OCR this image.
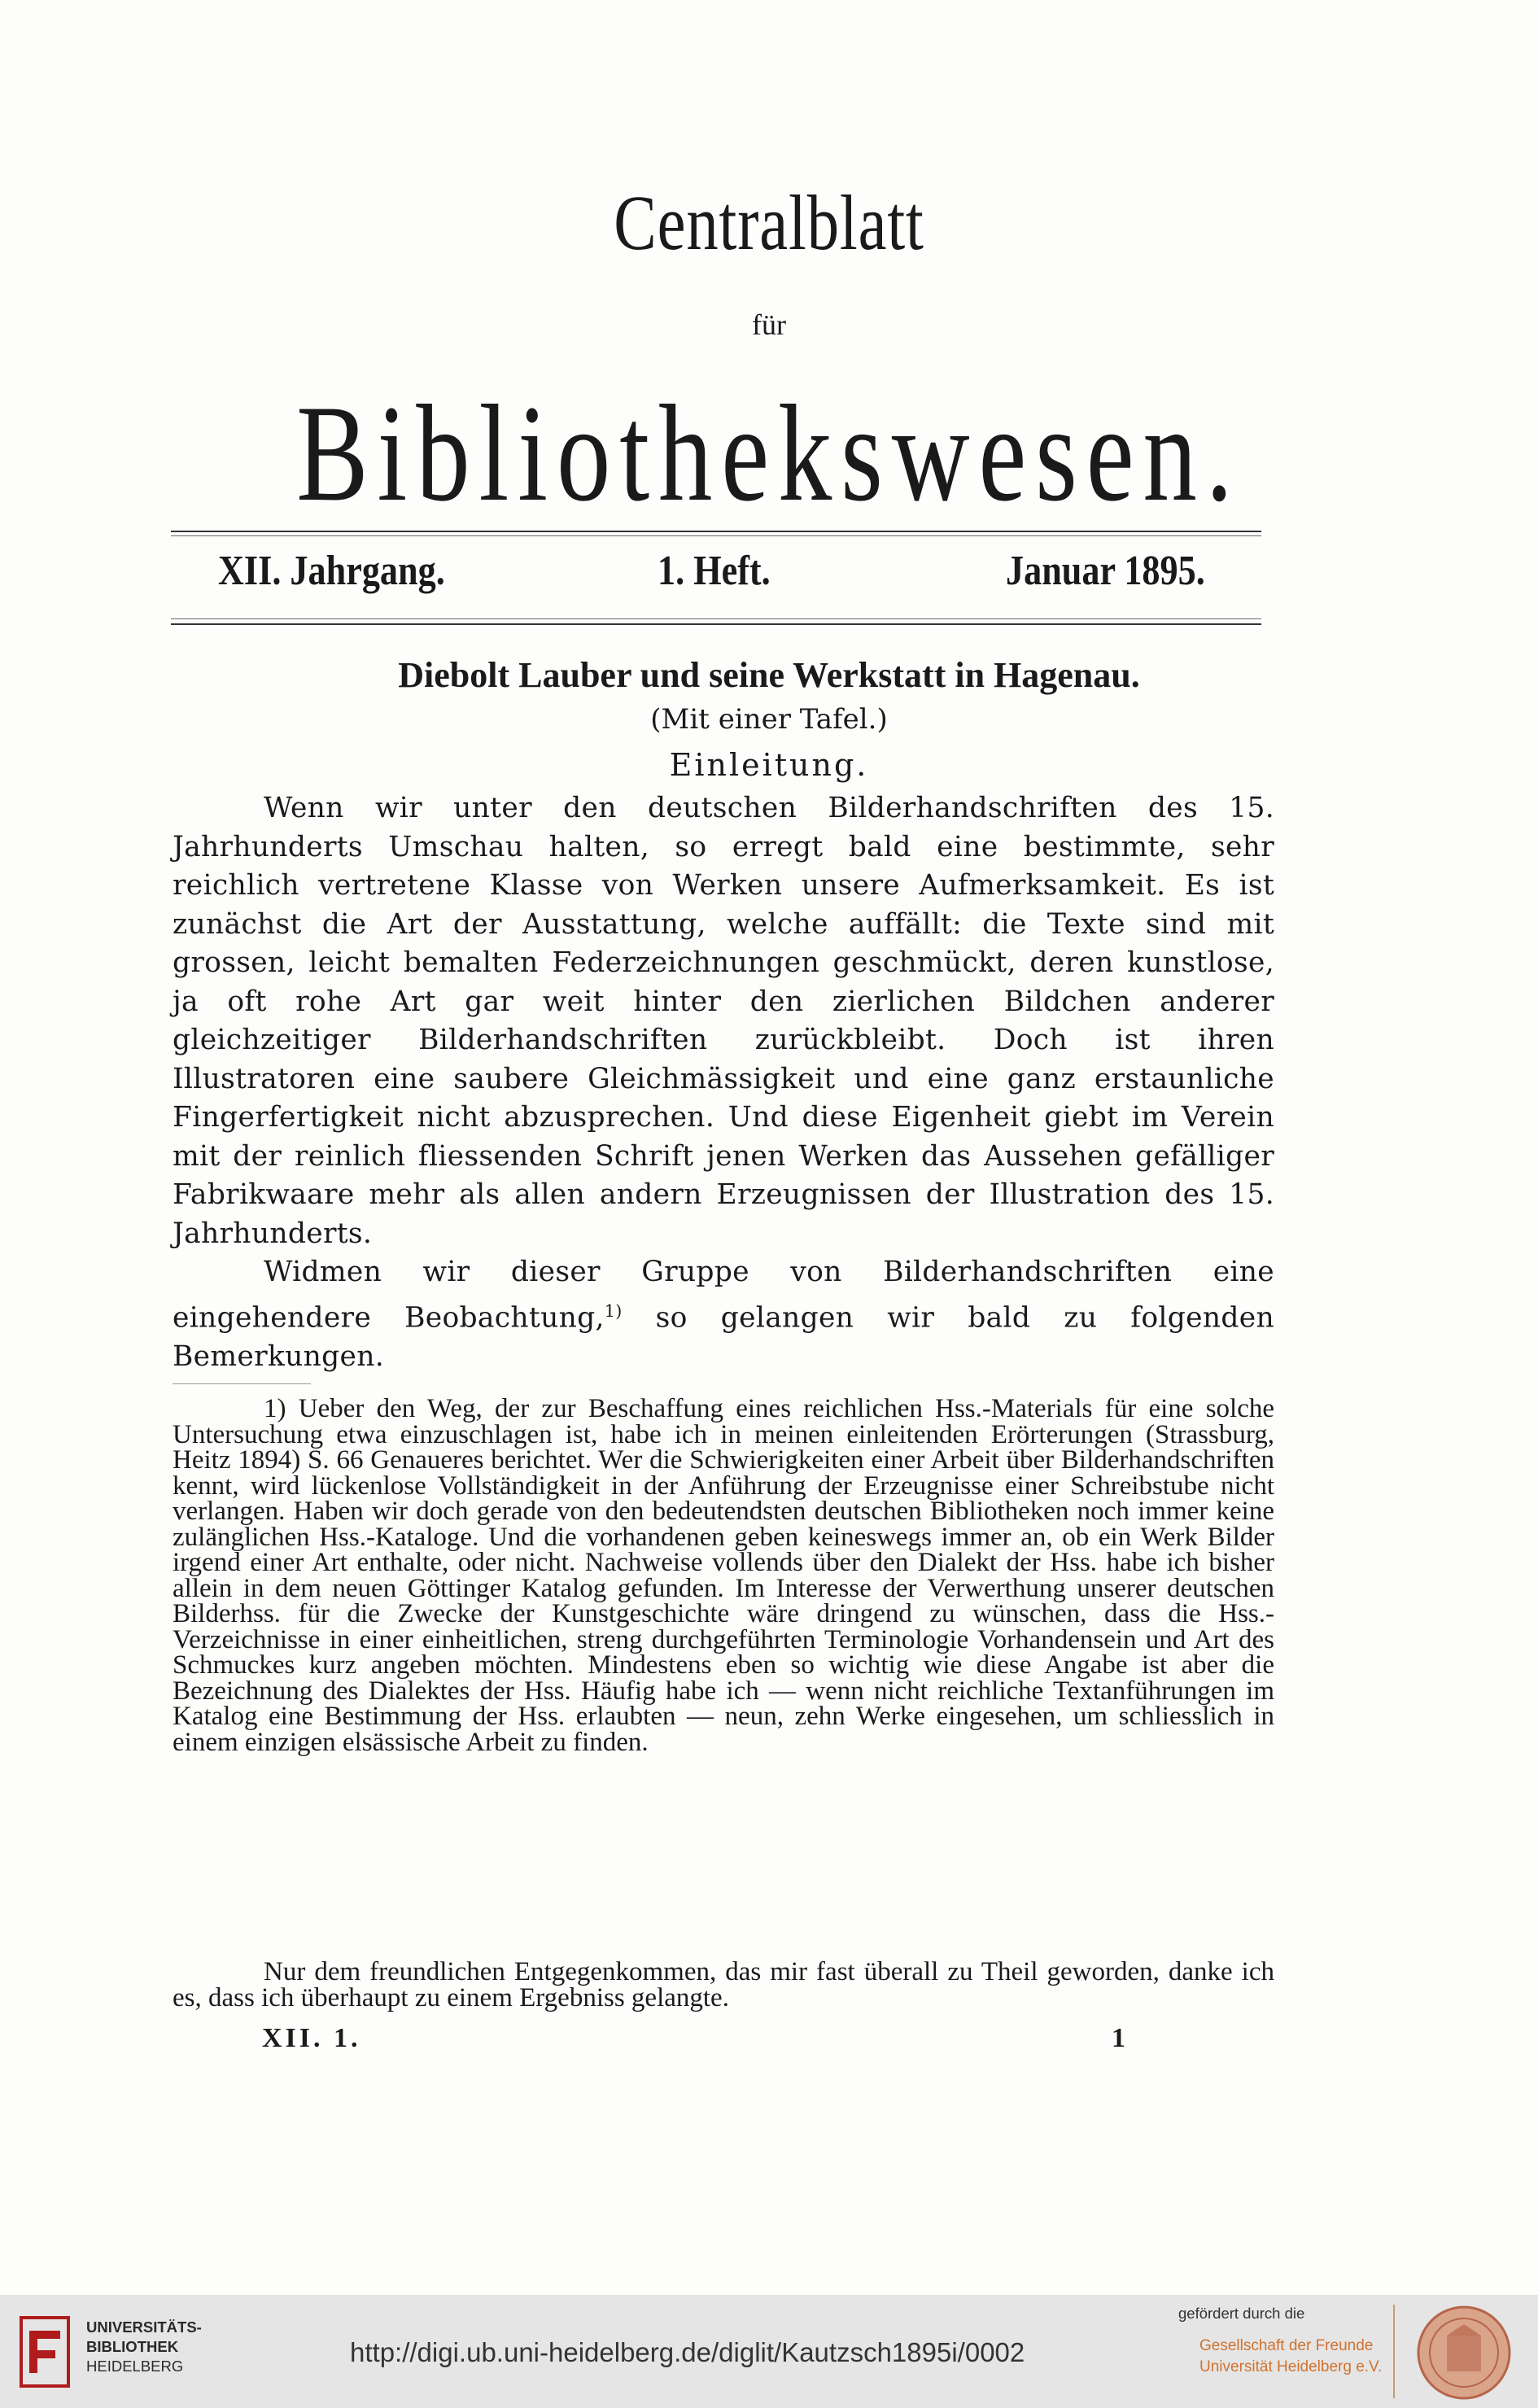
Centralblatt
für
Bibliothekswesen.
XII. Jahrgang.	1. Heft.	Januar 1895.
Diebolt Lauber und seine Werkstatt in Hagenau.
(Mit einer Tafel.)
Einleitung.

Wenn wir unter den deutschen Bilderhandschriften des 15. Jahrhunderts Umschau halten, so erregt bald eine bestimmte, sehr reichlich vertretene Klasse von Werken unsere Aufmerksamkeit. Es ist zunächst die Art der Ausstattung, welche auffällt: die Texte sind mit grossen, leicht bemalten Federzeichnungen geschmückt, deren kunstlose, ja oft rohe Art gar weit hinter den zierlichen Bildchen anderer gleichzeitiger Bilderhandschriften zurückbleibt. Doch ist ihren Illustratoren eine saubere Gleichmässigkeit und eine ganz erstaunliche Fingerfertigkeit nicht abzusprechen. Und diese Eigenheit giebt im Verein mit der reinlich fliessenden Schrift jenen Werken das Aussehen gefälliger Fabrikwaare mehr als allen andern Erzeugnissen der Illustration des 15. Jahrhunderts.

Widmen wir dieser Gruppe von Bilderhandschriften eine eingehendere Beobachtung,$^{1)}$ so gelangen wir bald zu folgenden Bemerkungen.

1) Ueber den Weg, der zur Beschaffung eines reichlichen Hss.-Materials für eine solche Untersuchung etwa einzuschlagen ist, habe ich in meinen einleitenden Erörterungen (Strassburg, Heitz 1894) S. 66 Genaueres berichtet. Wer die Schwierigkeiten einer Arbeit über Bilderhandschriften kennt, wird lückenlose Vollständigkeit in der Anführung der Erzeugnisse einer Schreibstube nicht verlangen. Haben wir doch gerade von den bedeutendsten deutschen Bibliotheken noch immer keine zulänglichen Hss.-Kataloge. Und die vorhandenen geben keineswegs immer an, ob ein Werk Bilder irgend einer Art enthalte, oder nicht. Nachweise vollends über den Dialekt der Hss. habe ich bisher allein in dem neuen Göttinger Katalog gefunden. Im Interesse der Verwerthung unserer deutschen Bilderhss. für die Zwecke der Kunstgeschichte wäre dringend zu wünschen, dass die Hss.-Verzeichnisse in einer einheitlichen, streng durchgeführten Terminologie Vorhandensein und Art des Schmuckes kurz angeben möchten. Mindestens eben so wichtig wie diese Angabe ist aber die Bezeichnung des Dialektes der Hss. Häufig habe ich — wenn nicht reichliche Textanführungen im Katalog eine Bestimmung der Hss. erlaubten — neun, zehn Werke eingesehen, um schliesslich in einem einzigen elsässische Arbeit zu finden.

Nur dem freundlichen Entgegenkommen, das mir fast überall zu Theil geworden, danke ich es, dass ich überhaupt zu einem Ergebniss gelangte.

XII. 1.	1
UNIVERSITÄTS-
BIBLIOTHEK
HEIDELBERG	http://digi.ub.uni-heidelberg.de/diglit/Kautzsch1895i/0002
gefördert durch die
Gesellschaft der Freunde
Universität Heidelberg e.V.
